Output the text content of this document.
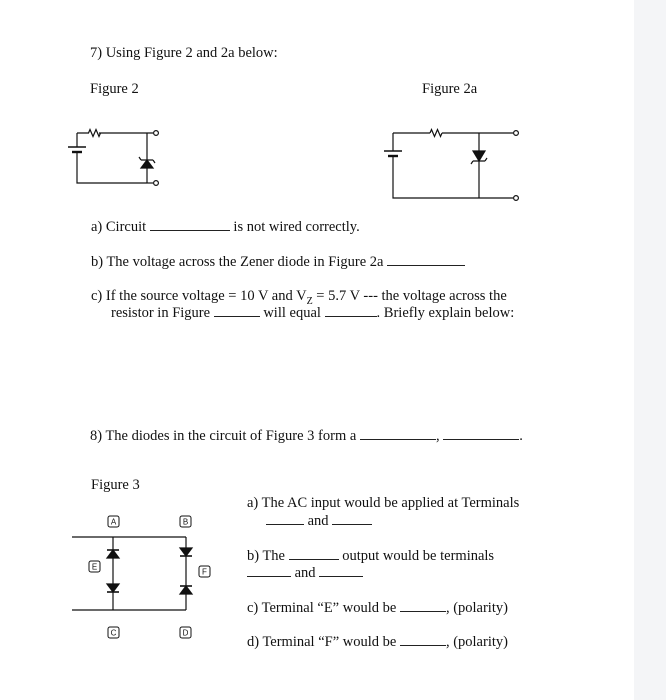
7) Using Figure 2 and 2a below:
Figure 2	Figure 2a
a) Circuit	is not wired correctly.
b) The voltage across the Zener diode in Figure 2a
c) If the source voltage = 10 V and $V_Z = 5.7$ V --- the voltage across the
resistor in Figure	will equal	. Briefly explain below:
8) The diodes in the circuit of Figure 3 form a	,	.
Figure 3
A	B
E
F
C	D
a) The AC input would be applied at Terminals
and
b) The	output would be terminals
and
c) Terminal “E” would be	, (polarity)
d) Terminal “F” would be	, (polarity)
